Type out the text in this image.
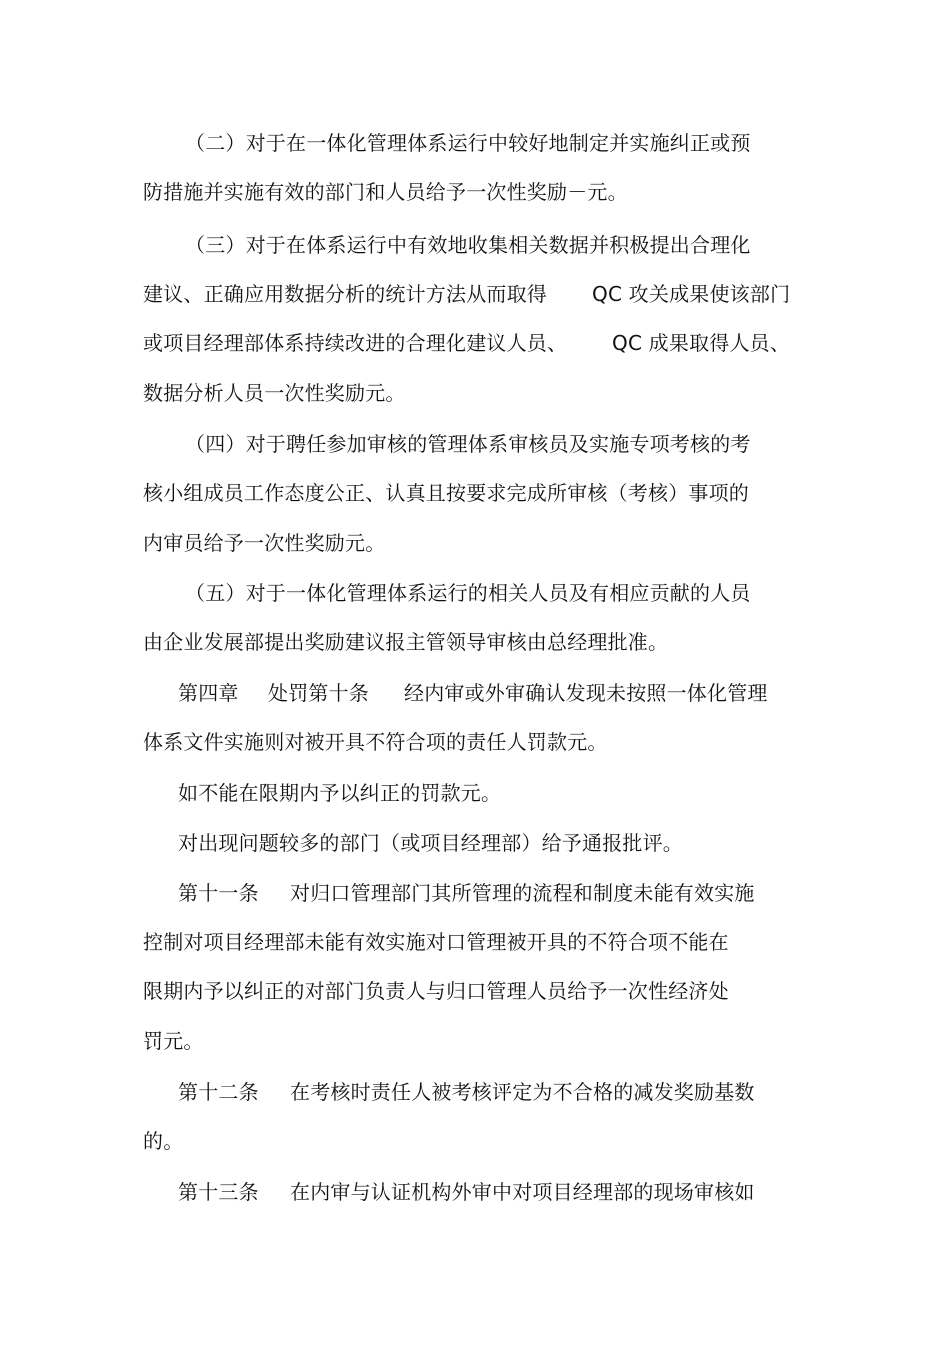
（二）对于在一体化管理体系运行中较好地制定并实施纠正或预
防措施并实施有效的部门和人员给予一次性奖励－元。
（三）对于在体系运行中有效地收集相关数据并积极提出合理化
建议、正确应用数据分析的统计方法从而取得 QC 攻关成果使该部门
或项目经理部体系持续改进的合理化建议人员、 QC 成果取得人员、
数据分析人员一次性奖励元。
（四）对于聘任参加审核的管理体系审核员及实施专项考核的考
核小组成员工作态度公正、认真且按要求完成所审核（考核）事项的
内审员给予一次性奖励元。
（五）对于一体化管理体系运行的相关人员及有相应贡献的人员
由企业发展部提出奖励建议报主管领导审核由总经理批准。
第四章 处罚第十条 经内审或外审确认发现未按照一体化管理
体系文件实施则对被开具不符合项的责任人罚款元。
如不能在限期内予以纠正的罚款元。
对出现问题较多的部门（或项目经理部）给予通报批评。
第十一条 对归口管理部门其所管理的流程和制度未能有效实施
控制对项目经理部未能有效实施对口管理被开具的不符合项不能在
限期内予以纠正的对部门负责人与归口管理人员给予一次性经济处
罚元。
第十二条 在考核时责任人被考核评定为不合格的减发奖励基数
的。
第十三条 在内审与认证机构外审中对项目经理部的现场审核如
